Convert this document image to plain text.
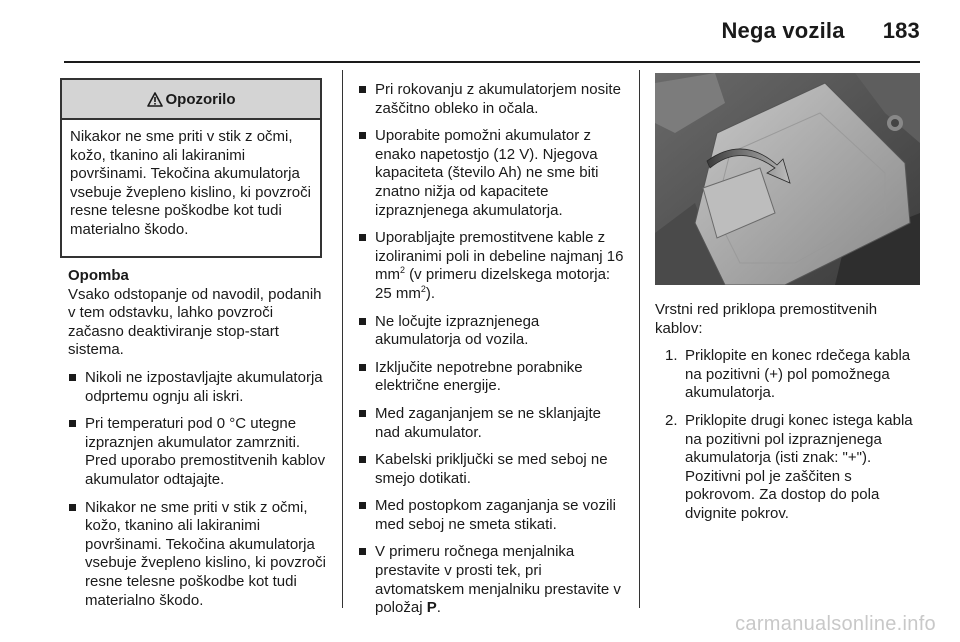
Nega vozila 183
Opozorilo
Nikakor ne sme priti v stik z očmi, kožo, tkanino ali lakiranimi površinami. Tekočina akumulatorja vsebuje žvepleno kislino, ki povzroči resne telesne poškodbe kot tudi materialno škodo.
Opomba
Vsako odstopanje od navodil, podanih v tem odstavku, lahko povzroči začasno deaktiviranje stop-start sistema.
Nikoli ne izpostavljajte akumulatorja odprtemu ognju ali iskri.
Pri temperaturi pod 0 °C utegne izpraznjen akumulator zamrzniti. Pred uporabo premostitvenih kablov akumulator odtajajte.
Nikakor ne sme priti v stik z očmi, kožo, tkanino ali lakiranimi površinami. Tekočina akumulatorja vsebuje žvepleno kislino, ki povzroči resne telesne poškodbe kot tudi materialno škodo.
Pri rokovanju z akumulatorjem nosite zaščitno obleko in očala.
Uporabite pomožni akumulator z enako napetostjo (12 V). Njegova kapaciteta (število Ah) ne sme biti znatno nižja od kapacitete izpraznjenega akumulatorja.
Uporabljajte premostitvene kable z izoliranimi poli in debeline najmanj 16 $mm^2$ (v primeru dizelskega motorja: 25 $mm^2$).
Ne ločujte izpraznjenega akumulatorja od vozila.
Izključite nepotrebne porabnike električne energije.
Med zaganjanjem se ne sklanjajte nad akumulator.
Kabelski priključki se med seboj ne smejo dotikati.
Med postopkom zaganjanja se vozili med seboj ne smeta stikati.
V primeru ročnega menjalnika prestavite v prosti tek, pri avtomatskem menjalniku prestavite v položaj P.
Vrstni red priklopa premostitvenih kablov:
1. Priklopite en konec rdečega kabla na pozitivni (+) pol pomožnega akumulatorja.
2. Priklopite drugi konec istega kabla na pozitivni pol izpraznjenega akumulatorja (isti znak: "+"). Pozitivni pol je zaščiten s pokrovom. Za dostop do pola dvignite pokrov.
carmanualsonline.info
